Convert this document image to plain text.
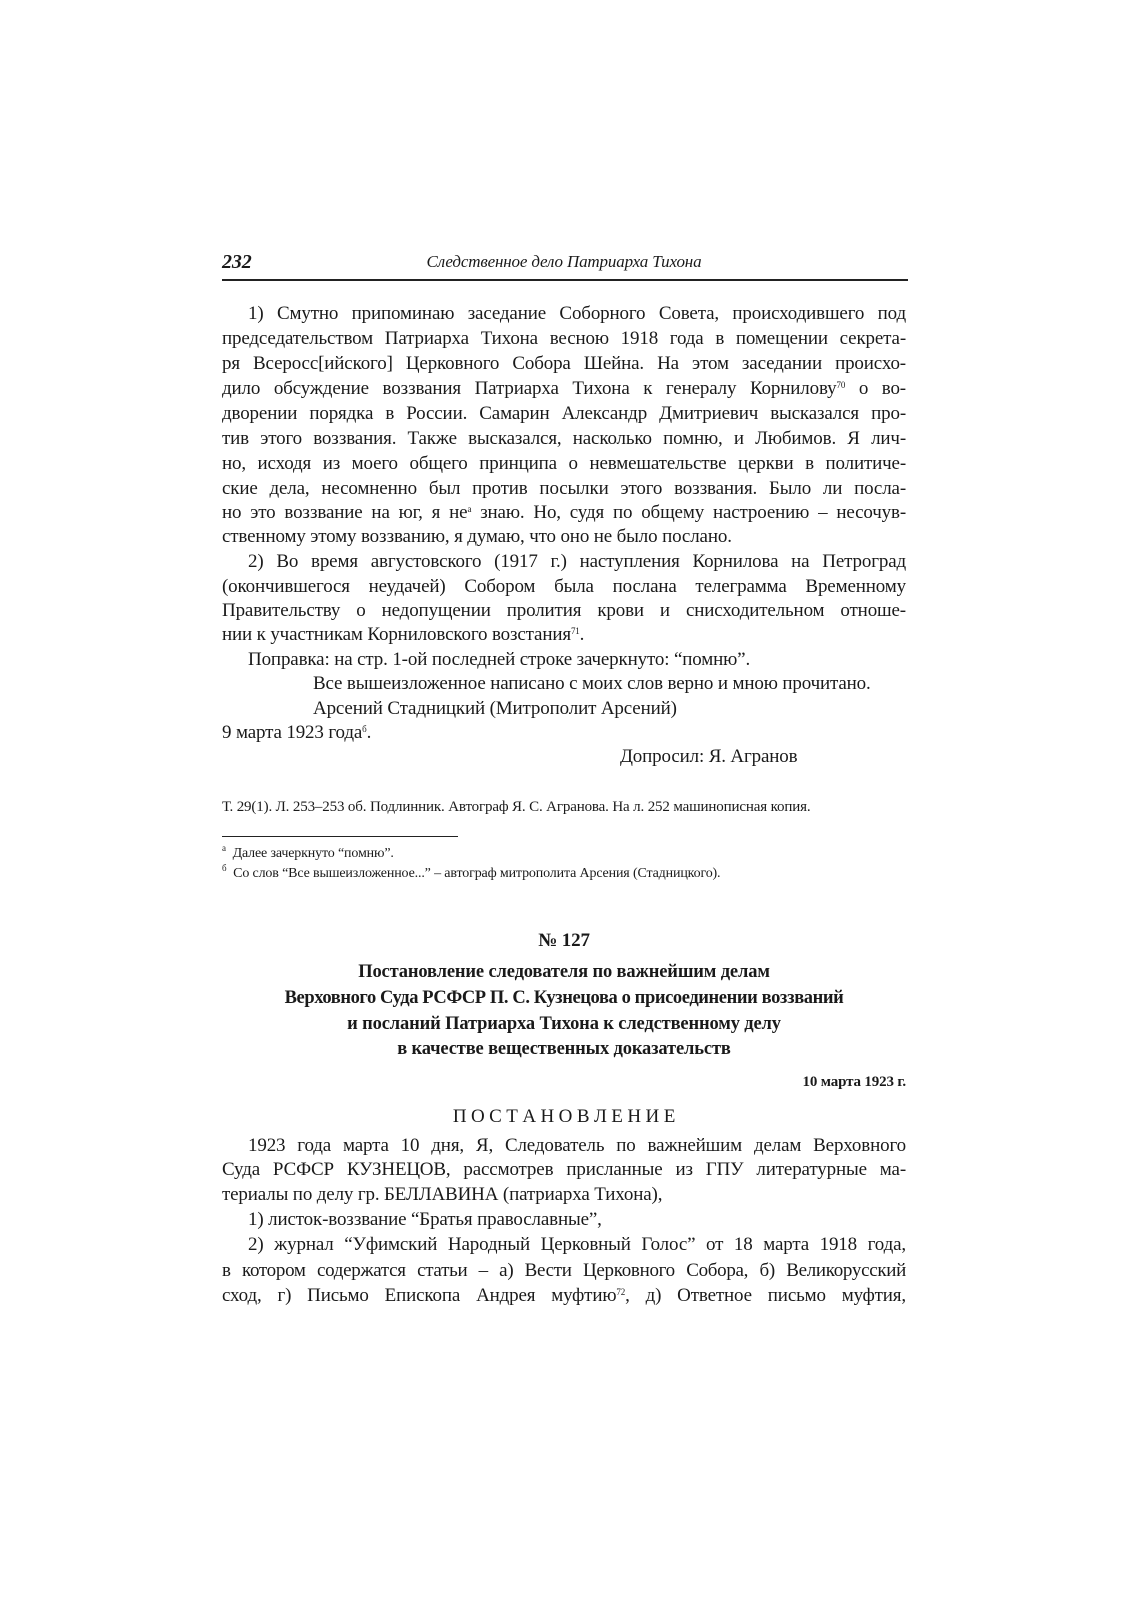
232	Следственное дело Патриарха Тихона
1) Смутно припоминаю заседание Соборного Совета, происходившего под
председательством Патриарха Тихона весною 1918 года в помещении секрета-
ря Всеросс[ийского] Церковного Собора Шейна. На этом заседании происхо-
дило обсуждение воззвания Патриарха Тихона к генералу Корнилову$^{70}$ о во-
дворении порядка в России. Самарин Александр Дмитриевич высказался про-
тив этого воззвания. Также высказался, насколько помню, и Любимов. Я лич-
но, исходя из моего общего принципа о невмешательстве церкви в политиче-
ские дела, несомненно был против посылки этого воззвания. Было ли посла-
но это воззвание на юг, я $не^а$ знаю. Но, судя по общему настроению – несочув-
ственному этому воззванию, я думаю, что оно не было послано.
2) Во время августовского (1917 г.) наступления Корнилова на Петроград
(окончившегося неудачей) Собором была послана телеграмма Временному
Правительству о недопущении пролития крови и снисходительном отноше-
нии к участникам Корниловского возстания$^{71}$.
Поправка: на стр. 1-ой последней строке зачеркнуто: “помню”.
Все вышеизложенное написано с моих слов верно и мною прочитано.
Арсений Стадницкий (Митрополит Арсений)
9 марта 1923 года$^б$.
Допросил: Я. Агранов
Т. 29(1). Л. 253–253 об. Подлинник. Автограф Я. С. Агранова. На л. 252 машинописная копия.
$^а$ Далее зачеркнуто “помню”.
$^б$ Со слов “Все вышеизложенное...” – автограф митрополита Арсения (Стадницкого).
№ 127
Постановление следователя по важнейшим делам
Верховного Суда РСФСР П. С. Кузнецова о присоединении воззваний
и посланий Патриарха Тихона к следственному делу
в качестве вещественных доказательств
10 марта 1923 г.
П О С Т А Н О В Л Е Н И Е
1923 года марта 10 дня, Я, Следователь по важнейшим делам Верховного
Суда РСФСР КУЗНЕЦОВ, рассмотрев присланные из ГПУ литературные ма-
териалы по делу гр. БЕЛЛАВИНА (патриарха Тихона),
1) листок-воззвание “Братья православные”,
2) журнал “Уфимский Народный Церковный Голос” от 18 марта 1918 года,
в котором содержатся статьи – а) Вести Церковного Собора, б) Великорусский
сход, г) Письмо Епископа Андрея муфтию$^{72}$, д) Ответное письмо муфтия,
